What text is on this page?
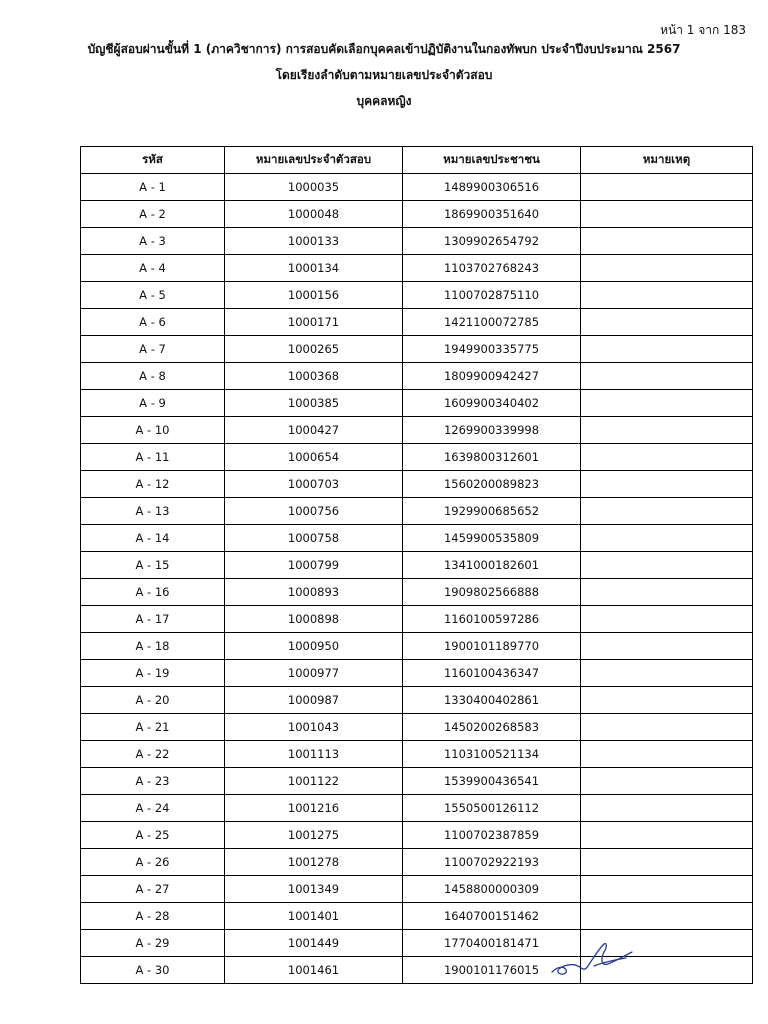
หน้า 1 จาก 183
บัญชีผู้สอบผ่านขั้นที่ 1 (ภาควิชาการ) การสอบคัดเลือกบุคคลเข้าปฏิบัติงานในกองทัพบก ประจำปีงบประมาณ 2567
โดยเรียงลำดับตามหมายเลขประจำตัวสอบ
บุคคลหญิง
รหัส	หมายเลขประจำตัวสอบ	หมายเลขประชาชน	หมายเหตุ
A - 1	1000035	1489900306516	
A - 2	1000048	1869900351640	
A - 3	1000133	1309902654792	
A - 4	1000134	1103702768243	
A - 5	1000156	1100702875110	
A - 6	1000171	1421100072785	
A - 7	1000265	1949900335775	
A - 8	1000368	1809900942427	
A - 9	1000385	1609900340402	
A - 10	1000427	1269900339998	
A - 11	1000654	1639800312601	
A - 12	1000703	1560200089823	
A - 13	1000756	1929900685652	
A - 14	1000758	1459900535809	
A - 15	1000799	1341000182601	
A - 16	1000893	1909802566888	
A - 17	1000898	1160100597286	
A - 18	1000950	1900101189770	
A - 19	1000977	1160100436347	
A - 20	1000987	1330400402861	
A - 21	1001043	1450200268583	
A - 22	1001113	1103100521134	
A - 23	1001122	1539900436541	
A - 24	1001216	1550500126112	
A - 25	1001275	1100702387859	
A - 26	1001278	1100702922193	
A - 27	1001349	1458800000309	
A - 28	1001401	1640700151462	
A - 29	1001449	1770400181471	
A - 30	1001461	1900101176015	
